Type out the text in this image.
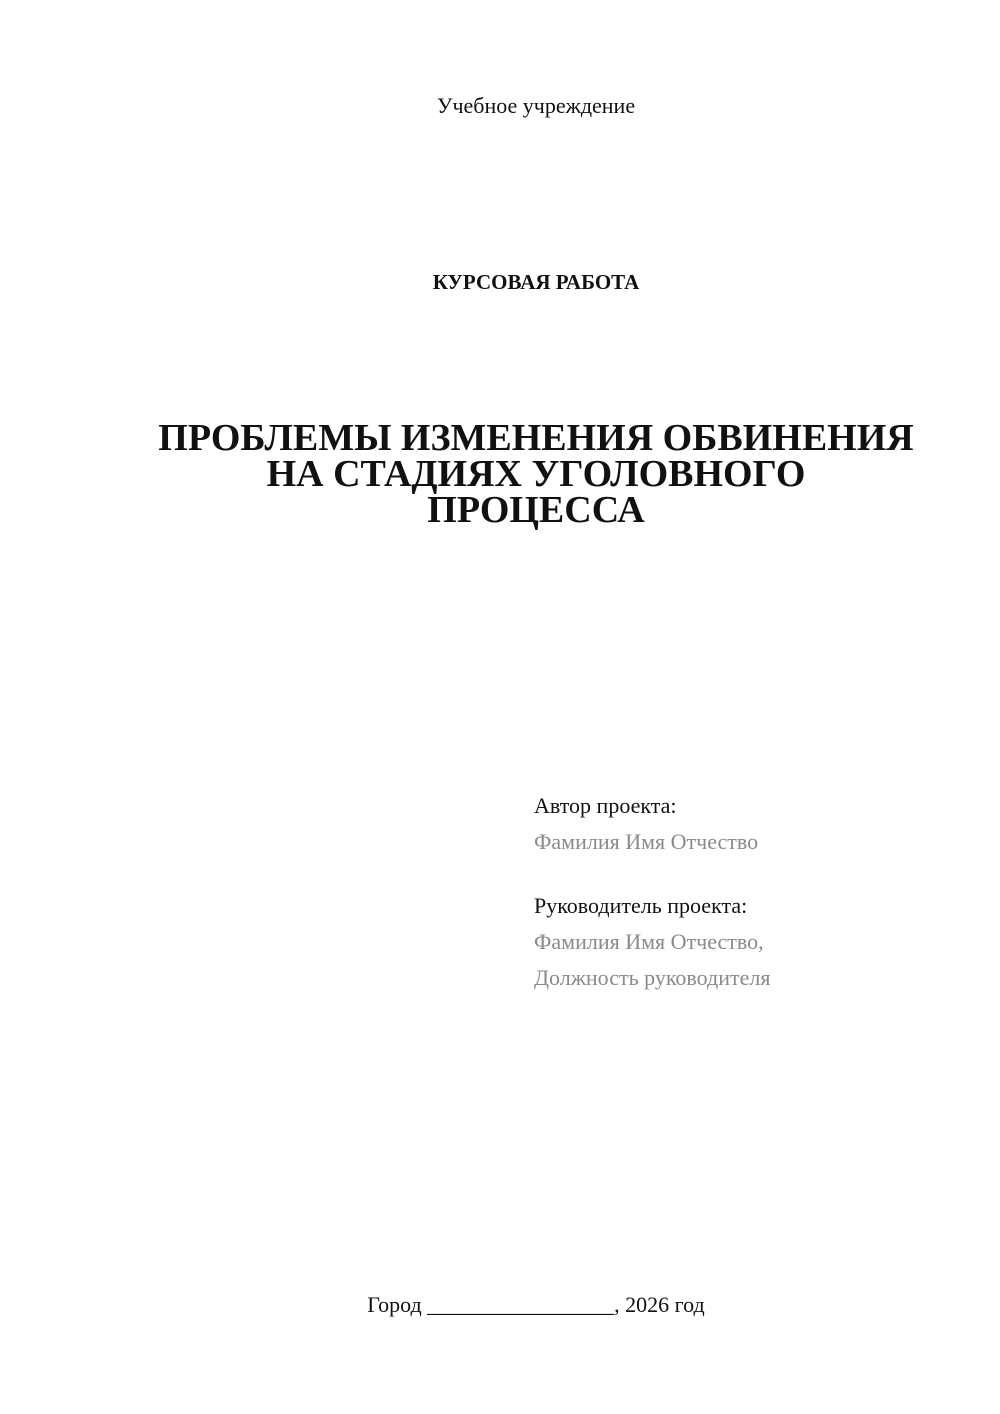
Учебное учреждение
КУРСОВАЯ РАБОТА
ПРОБЛЕМЫ ИЗМЕНЕНИЯ ОБВИНЕНИЯ
НА СТАДИЯХ УГОЛОВНОГО
ПРОЦЕССА
Автор проекта:
Фамилия Имя Отчество
Руководитель проекта:
Фамилия Имя Отчество,
Должность руководителя
Город _________________, 2026 год
